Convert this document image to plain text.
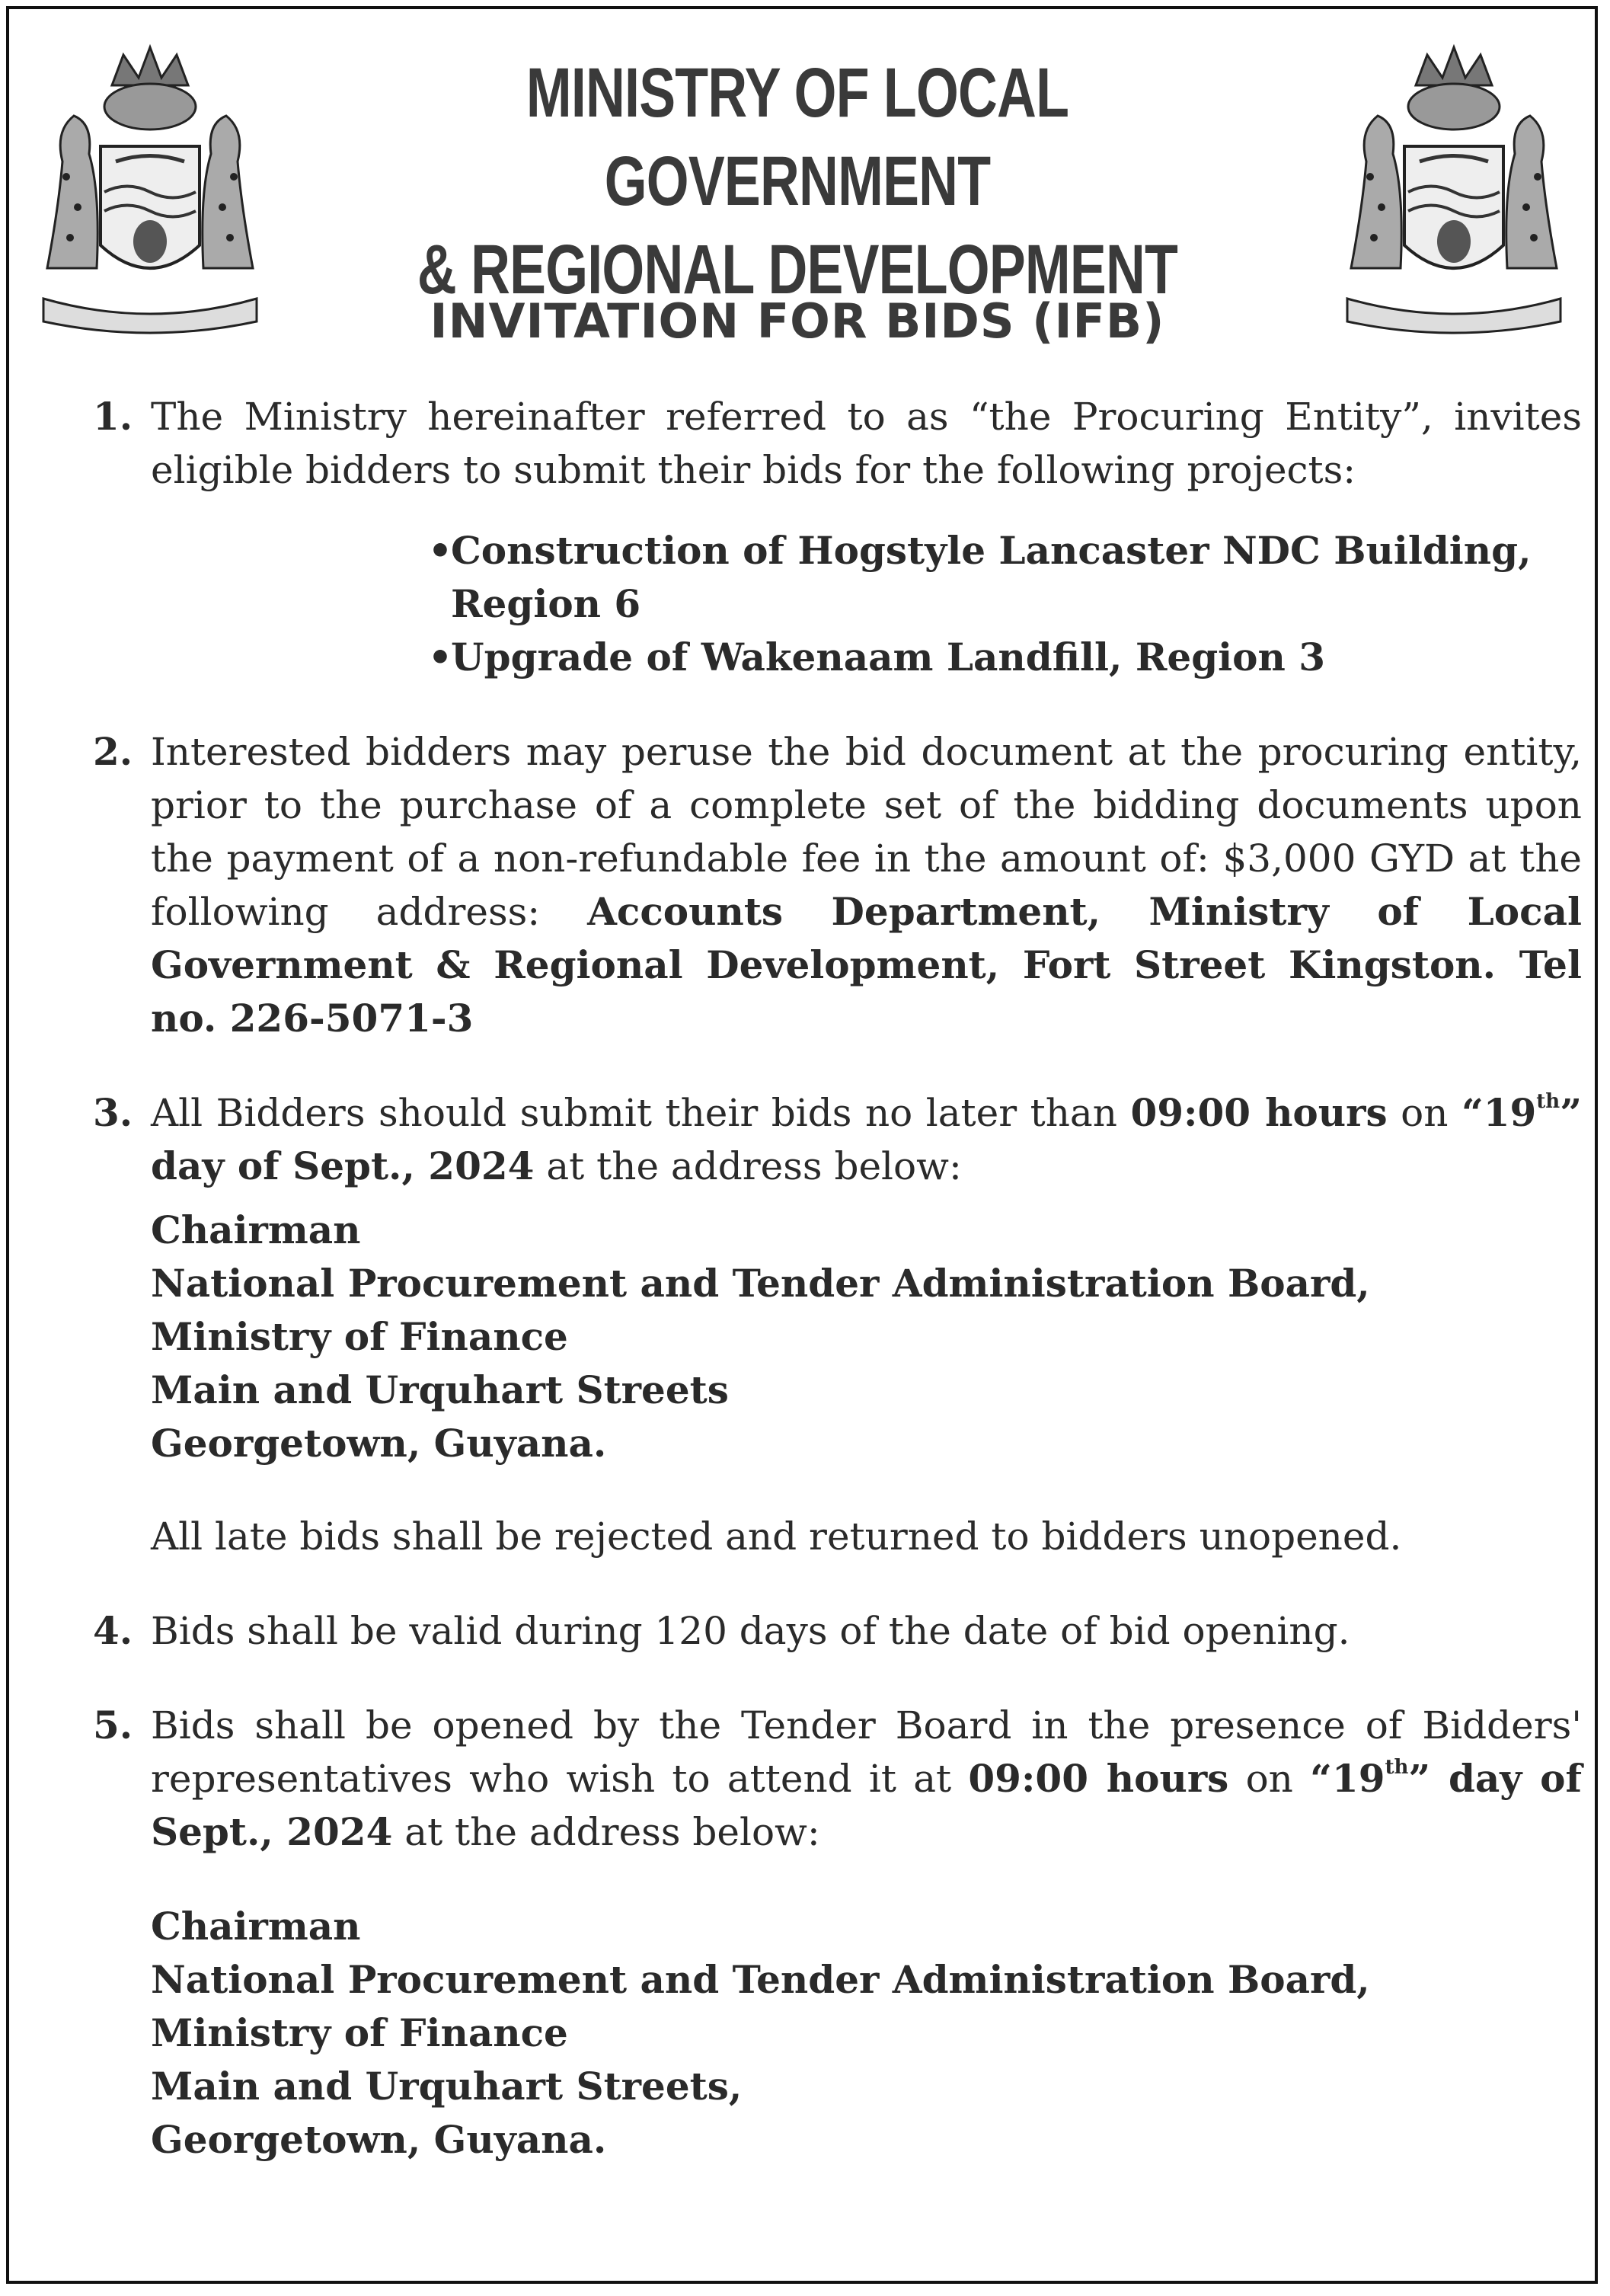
MINISTRY OF LOCAL GOVERNMENT
& REGIONAL DEVELOPMENT
INVITATION FOR BIDS (IFB)
1. The Ministry hereinafter referred to as “the Procuring Entity”, invites eligible bidders to submit their bids for the following projects:
• Construction of Hogstyle Lancaster NDC Building, Region 6
• Upgrade of Wakenaam Landfill, Region 3
2. Interested bidders may peruse the bid document at the procuring entity, prior to the purchase of a complete set of the bidding documents upon the payment of a non-refundable fee in the amount of: $3,000 GYD at the following address: Accounts Department, Ministry of Local Government & Regional Development, Fort Street Kingston. Tel no. 226-5071-3
3. All Bidders should submit their bids no later than 09:00 hours on “19th” day of Sept., 2024 at the address below:
Chairman
National Procurement and Tender Administration Board,
Ministry of Finance
Main and Urquhart Streets
Georgetown, Guyana.
All late bids shall be rejected and returned to bidders unopened.
4. Bids shall be valid during 120 days of the date of bid opening.
5. Bids shall be opened by the Tender Board in the presence of Bidders' representatives who wish to attend it at 09:00 hours on “19th” day of Sept., 2024 at the address below:
Chairman
National Procurement and Tender Administration Board,
Ministry of Finance
Main and Urquhart Streets,
Georgetown, Guyana.
